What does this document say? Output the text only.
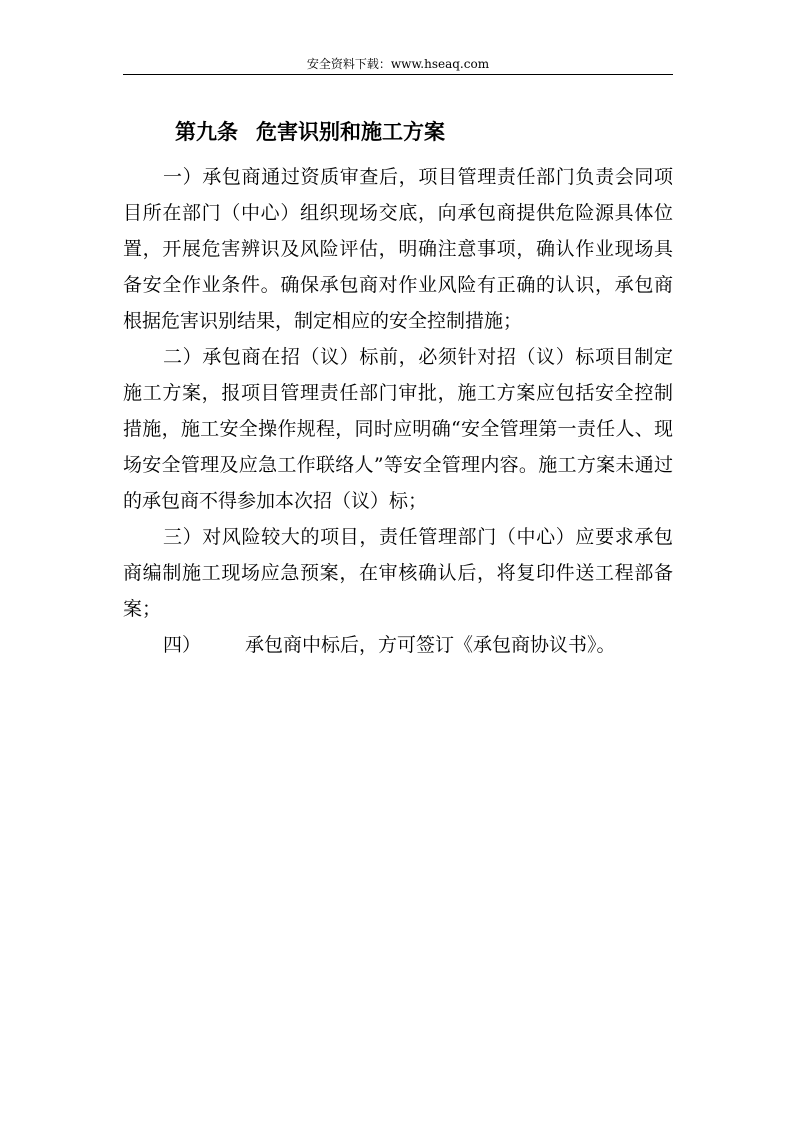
安全资料下载：www.hseaq.com
第九条 危害识别和施工方案

一）承包商通过资质审查后，项目管理责任部门负责会同项目所在部门（中心）组织现场交底，向承包商提供危险源具体位置，开展危害辨识及风险评估，明确注意事项，确认作业现场具备安全作业条件。确保承包商对作业风险有正确的认识，承包商根据危害识别结果，制定相应的安全控制措施；

二）承包商在招（议）标前，必须针对招（议）标项目制定施工方案，报项目管理责任部门审批，施工方案应包括安全控制措施，施工安全操作规程，同时应明确“安全管理第一责任人、现场安全管理及应急工作联络人”等安全管理内容。施工方案未通过的承包商不得参加本次招（议）标；

三）对风险较大的项目，责任管理部门（中心）应要求承包商编制施工现场应急预案，在审核确认后，将复印件送工程部备案；

四） 承包商中标后，方可签订《承包商协议书》。
